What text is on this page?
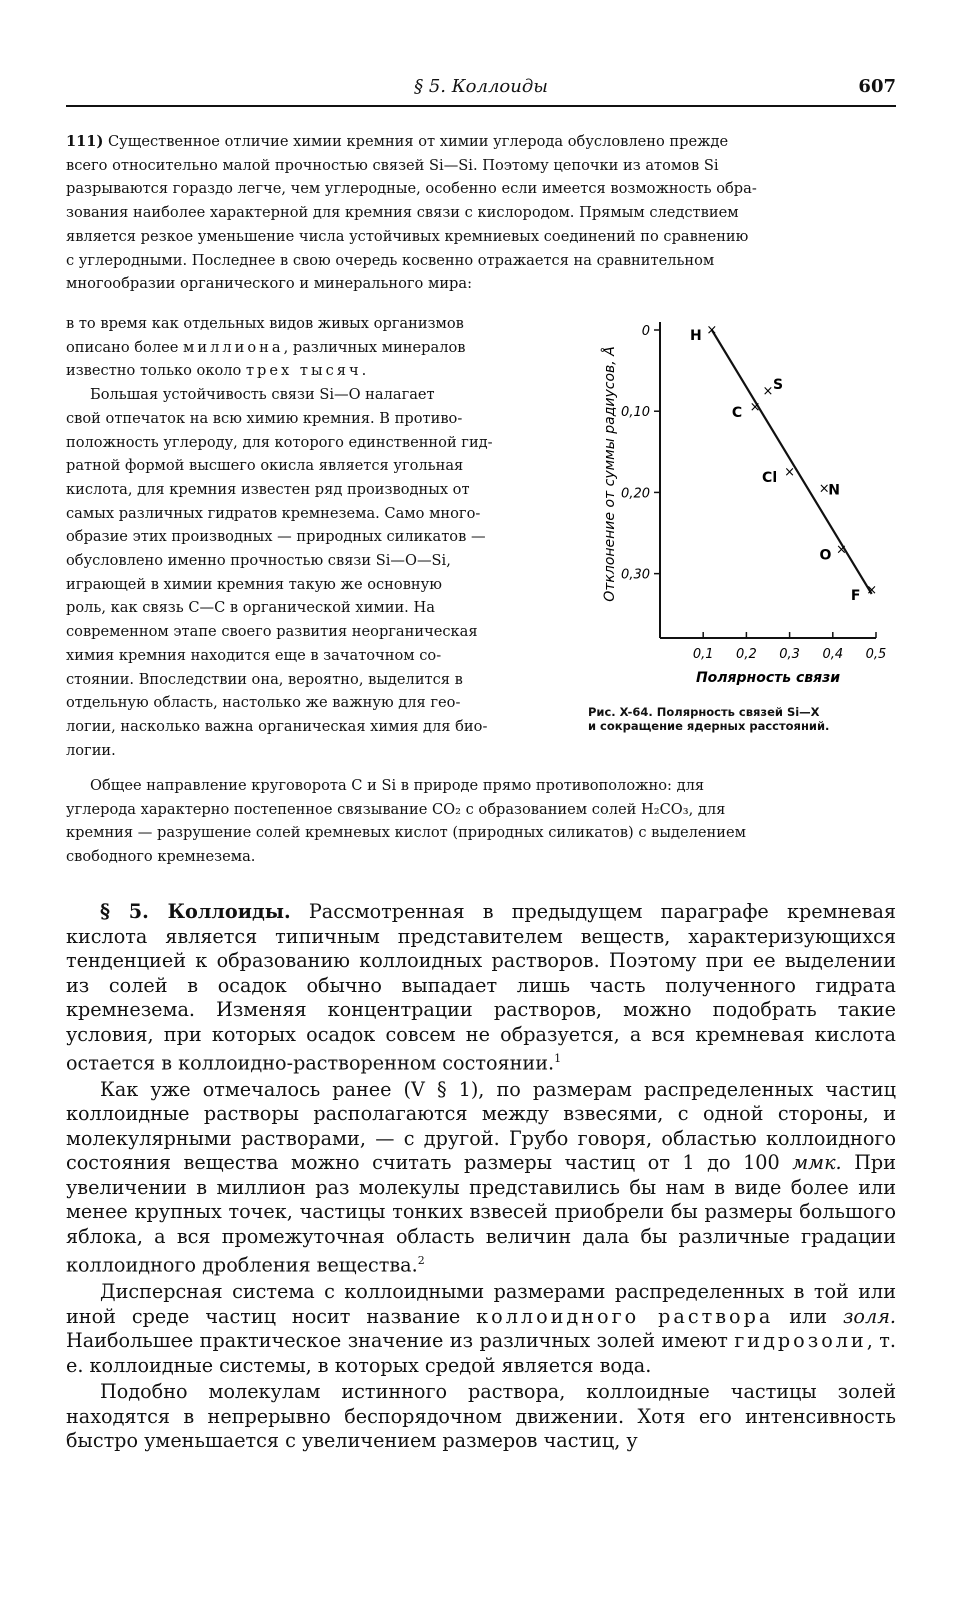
§ 5. Коллоиды	607

111) Существенное отличие химии кремния от химии углерода обусловлено прежде

всего относительно малой прочностью связей Si—Si. Поэтому цепочки из атомов Si

разрываются гораздо легче, чем углеродные, особенно если имеется возможность обра-

зования наиболее характерной для кремния связи с кислородом. Прямым следствием

является резкое уменьшение числа устойчивых кремниевых соединений по сравнению

с углеродными. Последнее в свою очередь косвенно отражается на сравнительном

многообразии органического и минерального мира:

в то время как отдельных видов живых организмов

описано более миллиона, различных минералов

известно только около трех тысяч.

Большая устойчивость связи Si—O налагает

свой отпечаток на всю химию кремния. В противо-

положность углероду, для которого единственной гид-

ратной формой высшего окисла является угольная

кислота, для кремния известен ряд производных от

самых различных гидратов кремнезема. Само много-

образие этих производных — природных силикатов —

обусловлено именно прочностью связи Si—O—Si,

играющей в химии кремния такую же основную

роль, как связь C—C в органической химии. На

современном этапе своего развития неорганическая

химия кремния находится еще в зачаточном со-

стоянии. Впоследствии она, вероятно, выделится в

отдельную область, настолько же важную для гео-

логии, насколько важна органическая химия для био-

логии.

0
0,10
0,20
0,30
0,1 0,2 0,3 0,4 0,5
Полярность связи
Отклонение от суммы радиусов, Å
×
H
× S
×
C
×
Cl
×
N
×
O
×
F
Рис. X-64. Полярность связей Si—X
и сокращение ядерных расстояний.

Общее направление круговорота C и Si в природе прямо противоположно: для

углерода характерно постепенное связывание CO₂ с образованием солей H₂CO₃, для

кремния — разрушение солей кремневых кислот (природных силикатов) с выделением

свободного кремнезема.

§ 5. Коллоиды. Рассмотренная в предыдущем параграфе кремневая кислота является типичным представителем веществ, характеризующихся тенденцией к образованию коллоидных растворов. Поэтому при ее выделении из солей в осадок обычно выпадает лишь часть полученного гидрата кремнезема. Изменяя концентрации растворов, можно подобрать такие условия, при которых осадок совсем не образуется, а вся кремневая кислота остается в коллоидно-растворенном состоянии.$^1$

Как уже отмечалось ранее (V § 1), по размерам распределенных частиц коллоидные растворы располагаются между взвесями, с одной стороны, и молекулярными растворами, — с другой. Грубо говоря, областью коллоидного состояния вещества можно считать размеры частиц от 1 до 100 ммк. При увеличении в миллион раз молекулы представились бы нам в виде более или менее крупных точек, частицы тонких взвесей приобрели бы размеры большого яблока, а вся промежуточная область величин дала бы различные градации коллоидного дробления вещества.$^2$

Дисперсная система с коллоидными размерами распределенных в той или иной среде частиц носит название коллоидного раствора или золя. Наибольшее практическое значение из различных золей имеют гидрозоли, т. е. коллоидные системы, в которых средой является вода.

Подобно молекулам истинного раствора, коллоидные частицы золей находятся в непрерывно беспорядочном движении. Хотя его интенсивность быстро уменьшается с увеличением размеров частиц, у
